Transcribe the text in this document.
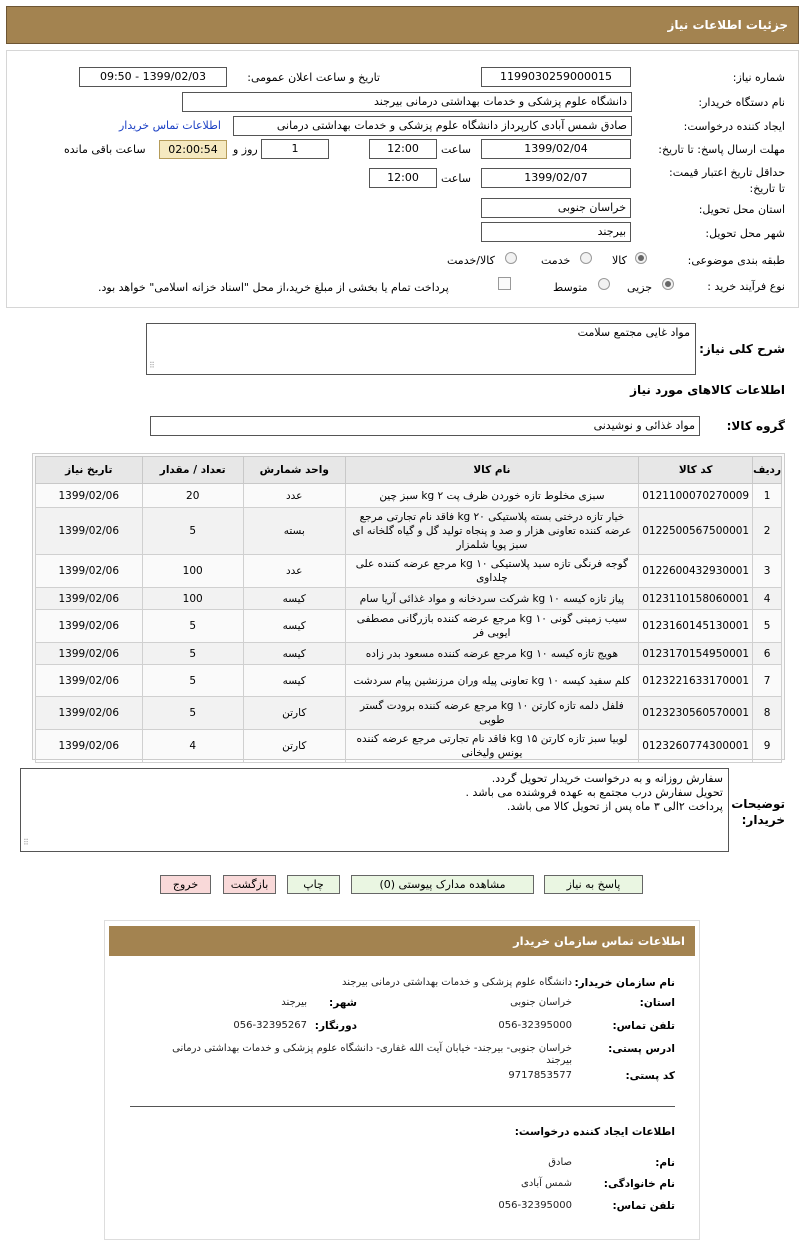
جزئیات اطلاعات نیاز
شماره نیاز:
1199030259000015
تاریخ و ساعت اعلان عمومی:
1399/02/03 - 09:50
نام دستگاه خریدار:
دانشگاه علوم پزشکی و خدمات بهداشتی درمانی بیرجند
ایجاد کننده درخواست:
صادق شمس آبادی کارپرداز دانشگاه علوم پزشکی و خدمات بهداشتی درمانی
اطلاعات تماس خریدار
مهلت ارسال پاسخ: تا تاریخ:
1399/02/04
ساعت
12:00
1
روز و
02:00:54
ساعت باقی مانده
حداقل تاریخ اعتبار قیمت: تا تاریخ:
1399/02/07
ساعت
12:00
استان محل تحویل:
خراسان جنوبی
شهر محل تحویل:
بیرجند
طبقه بندی موضوعی:
کالا
خدمت
کالا/خدمت
نوع فرآیند خرید :
جزیی
متوسط
پرداخت تمام یا بخشی از مبلغ خرید،از محل "اسناد خزانه اسلامی" خواهد بود.
شرح کلی نیاز:
مواد غایی مجتمع سلامت
⠿
اطلاعات کالاهای مورد نیاز
گروه کالا:
مواد غذائی و نوشیدنی
ردیف	کد کالا	نام کالا	واحد شمارش	تعداد / مقدار	تاریخ نیاز
1	0121100070270009	سبزی مخلوط تازه خوردن ظرف پت ۲ kg سبز چین	عدد	20	1399/02/06
2	0122500567500001	خیار تازه درختی بسته پلاستیکی ۲۰ kg فاقد نام تجارتی مرجع عرضه کننده تعاونی هزار و صد و پنجاه تولید گل و گیاه گلخانه ای سبز پویا شلمزار	بسته	5	1399/02/06
3	0122600432930001	گوجه فرنگی تازه سبد پلاستیکی ۱۰ kg مرجع عرضه کننده علی چلداوی	عدد	100	1399/02/06
4	0123110158060001	پیاز تازه کیسه ۱۰ kg شرکت سردخانه و مواد غذائی آریا سام	کیسه	100	1399/02/06
5	0123160145130001	سیب زمینی گونی ۱۰ kg مرجع عرضه کننده بازرگانی مصطفی ایوبی فر	کیسه	5	1399/02/06
6	0123170154950001	هویج تازه کیسه ۱۰ kg مرجع عرضه کننده مسعود بدر زاده	کیسه	5	1399/02/06
7	0123221633170001	کلم سفید کیسه ۱۰ kg تعاونی پیله وران مرزنشین پیام سردشت	کیسه	5	1399/02/06
8	0123230560570001	فلفل دلمه تازه کارتن ۱۰ kg مرجع عرضه کننده برودت گستر طوبی	کارتن	5	1399/02/06
9	0123260774300001	لوبیا سبز تازه کارتن ۱۵ kg فاقد نام تجارتی مرجع عرضه کننده یونس ولیخانی	کارتن	4	1399/02/06
توضیحات خریدار:
سفارش روزانه و به درخواست خریدار تحویل گردد.
تحویل سفارش درب مجتمع به عهده فروشنده می باشد .
پرداخت ۲الی ۳ ماه پس از تحویل کالا می باشد.
⠿
پاسخ به نیاز
مشاهده مدارک پیوستی (0)
چاپ
بازگشت
خروج
اطلاعات تماس سازمان خریدار
نام سازمان خریدار:
دانشگاه علوم پزشکی و خدمات بهداشتی درمانی بیرجند
استان:
خراسان جنوبی
شهر:
بیرجند
تلفن تماس:
056-32395000
دورنگار:
056-32395267
ادرس پستی:
خراسان جنوبی- بیرجند- خیابان آیت الله غفاری- دانشگاه علوم پزشکی و خدمات بهداشتی درمانی بیرجند
کد پستی:
9717853577
اطلاعات ایجاد کننده درخواست:
نام:
صادق
نام خانوادگی:
شمس آبادی
تلفن تماس:
056-32395000
